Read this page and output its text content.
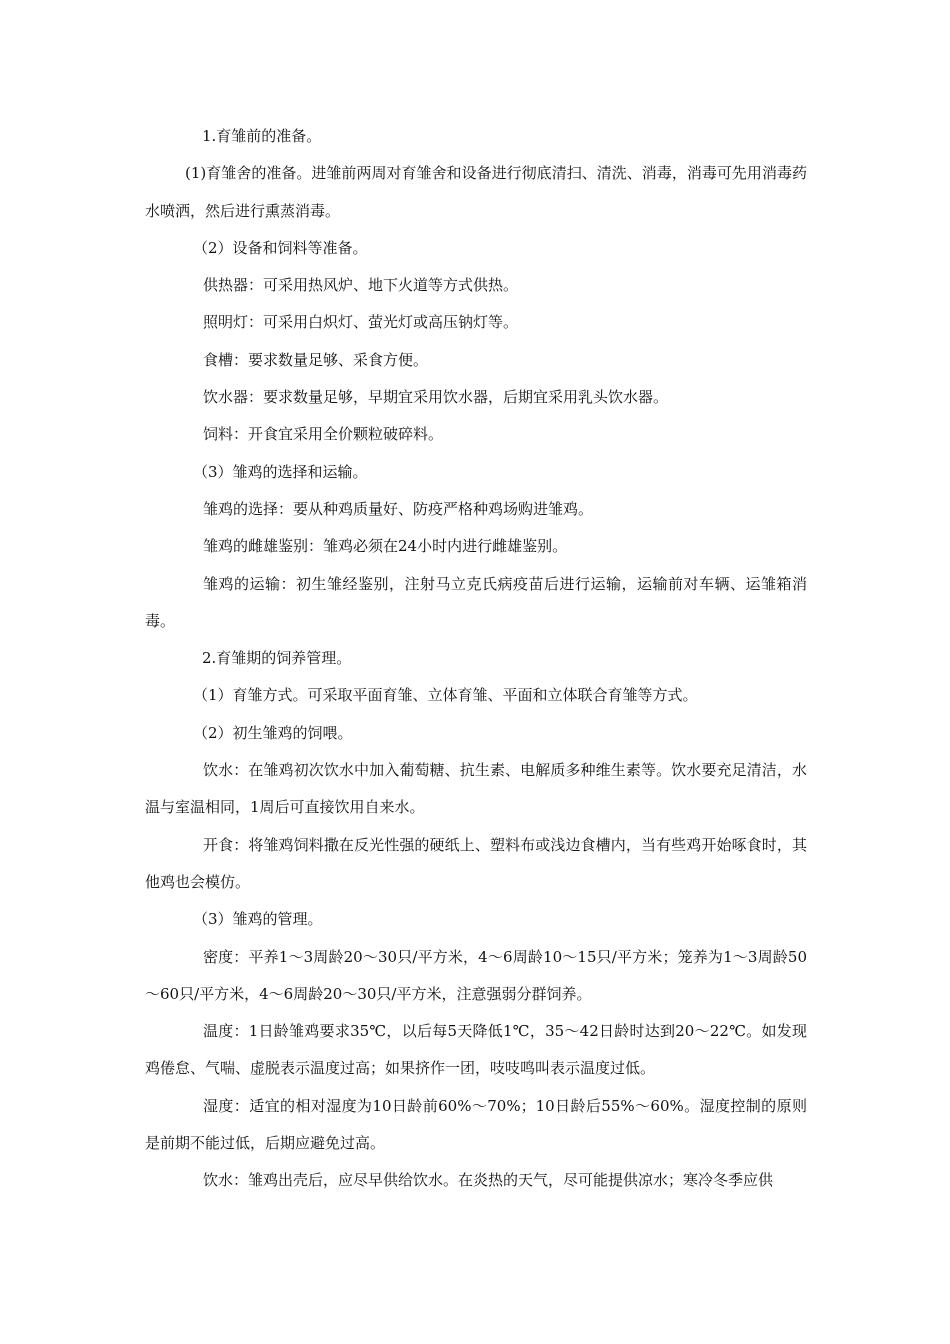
1.育雏前的准备。

(1)育雏舍的准备。进雏前两周对育雏舍和设备进行彻底清扫、清洗、消毒，消毒可先用消毒药水喷洒，然后进行熏蒸消毒。

（2）设备和饲料等准备。

供热器：可采用热风炉、地下火道等方式供热。

照明灯：可采用白炽灯、萤光灯或高压钠灯等。

食槽：要求数量足够、采食方便。

饮水器：要求数量足够，早期宜采用饮水器，后期宜采用乳头饮水器。

饲料：开食宜采用全价颗粒破碎料。

（3）雏鸡的选择和运输。

雏鸡的选择：要从种鸡质量好、防疫严格种鸡场购进雏鸡。

雏鸡的雌雄鉴别：雏鸡必须在24小时内进行雌雄鉴别。

雏鸡的运输：初生雏经鉴别，注射马立克氏病疫苗后进行运输，运输前对车辆、运雏箱消毒。

2.育雏期的饲养管理。

（1）育雏方式。可采取平面育雏、立体育雏、平面和立体联合育雏等方式。

（2）初生雏鸡的饲喂。

饮水：在雏鸡初次饮水中加入葡萄糖、抗生素、电解质多种维生素等。饮水要充足清洁，水温与室温相同，1周后可直接饮用自来水。

开食：将雏鸡饲料撒在反光性强的硬纸上、塑料布或浅边食槽内，当有些鸡开始啄食时，其他鸡也会模仿。

（3）雏鸡的管理。

密度：平养1～3周龄20～30只/平方米，4～6周龄10～15只/平方米；笼养为1～3周龄50～60只/平方米，4～6周龄20～30只/平方米，注意强弱分群饲养。

温度：1日龄雏鸡要求35℃，以后每5天降低1℃，35～42日龄时达到20～22℃。如发现鸡倦怠、气喘、虚脱表示温度过高；如果挤作一团，吱吱鸣叫表示温度过低。

湿度：适宜的相对湿度为10日龄前60%～70%；10日龄后55%～60%。湿度控制的原则是前期不能过低，后期应避免过高。

饮水：雏鸡出壳后，应尽早供给饮水。在炎热的天气，尽可能提供凉水；寒冷冬季应供
